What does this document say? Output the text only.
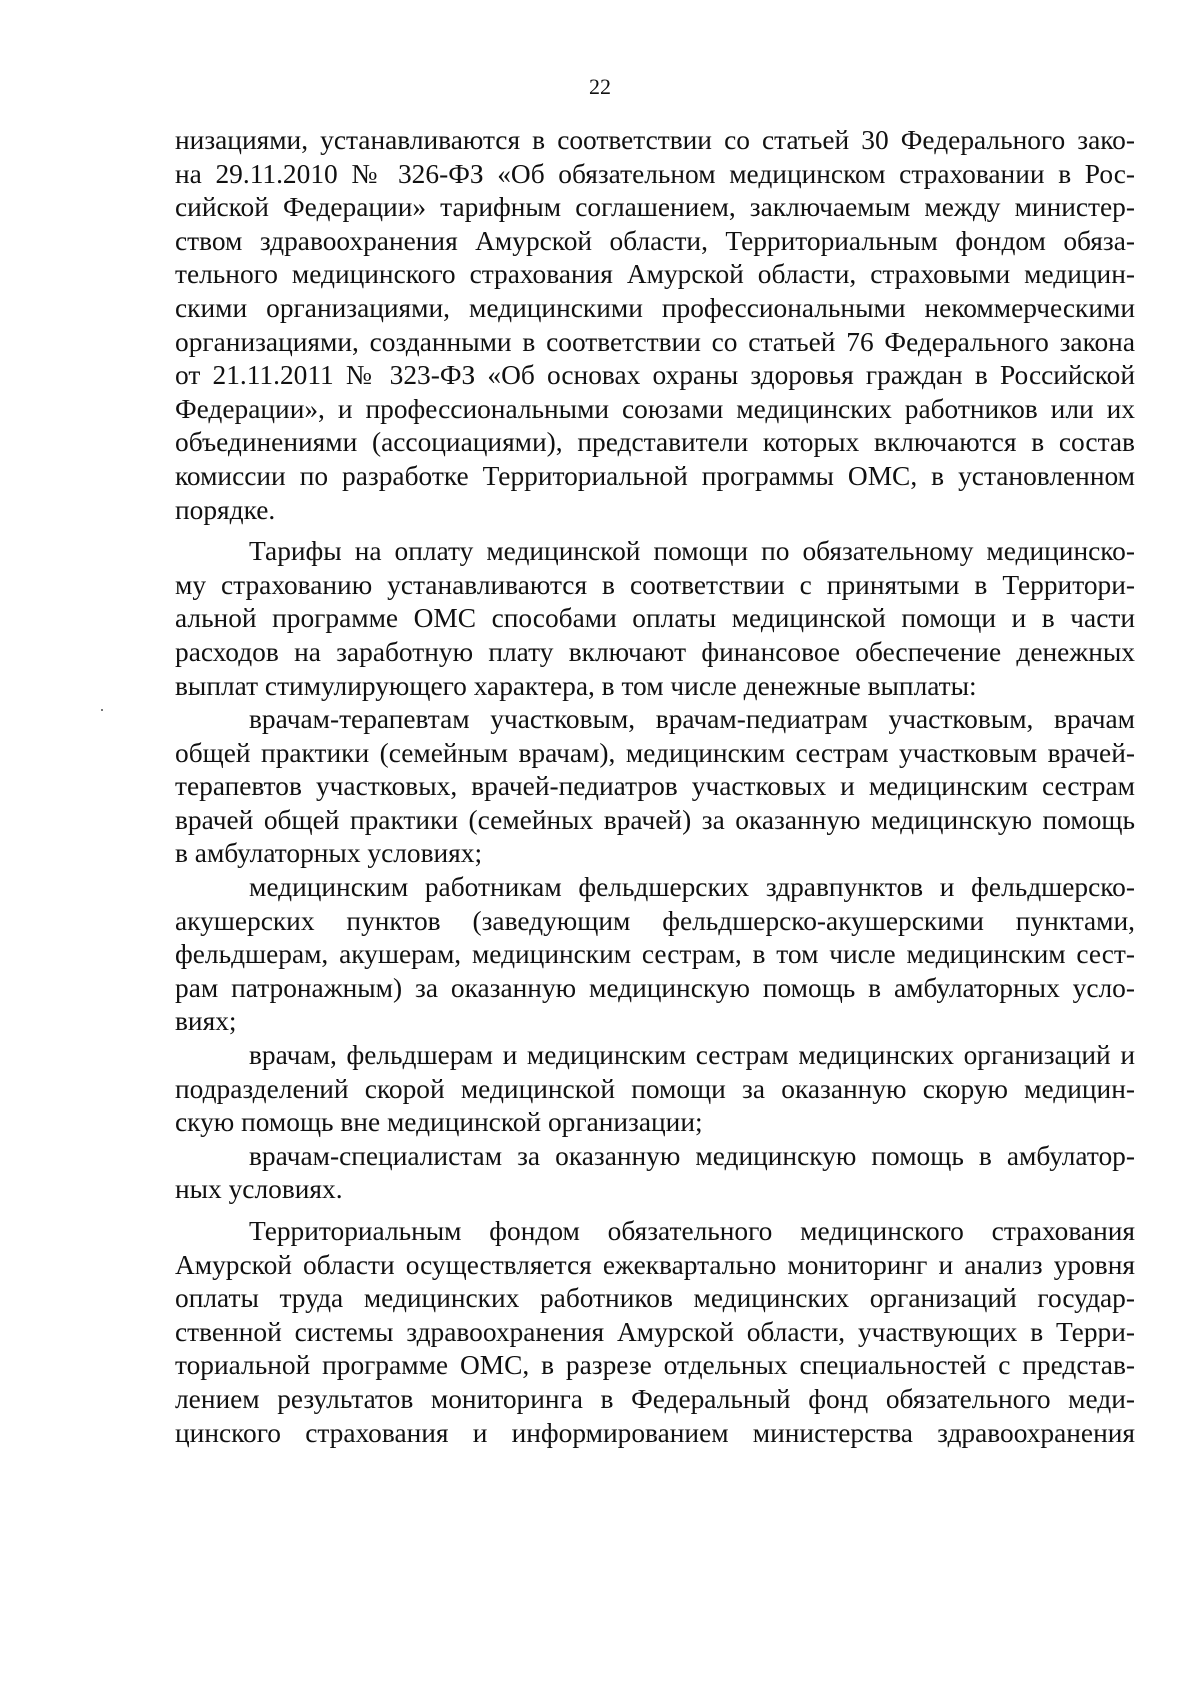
22
низациями, устанавливаются в соответствии со статьей 30 Федерального зако-
на 29.11.2010 № 326-ФЗ «Об обязательном медицинском страховании в Рос-
сийской Федерации» тарифным соглашением, заключаемым между министер-
ством здравоохранения Амурской области, Территориальным фондом обяза-
тельного медицинского страхования Амурской области, страховыми медицин-
скими организациями, медицинскими профессиональными некоммерческими
организациями, созданными в соответствии со статьей 76 Федерального закона
от 21.11.2011 № 323-ФЗ «Об основах охраны здоровья граждан в Российской
Федерации», и профессиональными союзами медицинских работников или их
объединениями (ассоциациями), представители которых включаются в состав
комиссии по разработке Территориальной программы ОМС, в установленном
порядке.
Тарифы на оплату медицинской помощи по обязательному медицинско-
му страхованию устанавливаются в соответствии с принятыми в Территори-
альной программе ОМС способами оплаты медицинской помощи и в части
расходов на заработную плату включают финансовое обеспечение денежных
выплат стимулирующего характера, в том числе денежные выплаты:
врачам-терапевтам участковым, врачам-педиатрам участковым, врачам
общей практики (семейным врачам), медицинским сестрам участковым врачей-
терапевтов участковых, врачей-педиатров участковых и медицинским сестрам
врачей общей практики (семейных врачей) за оказанную медицинскую помощь
в амбулаторных условиях;
медицинским работникам фельдшерских здравпунктов и фельдшерско-
акушерских пунктов (заведующим фельдшерско-акушерскими пунктами,
фельдшерам, акушерам, медицинским сестрам, в том числе медицинским сест-
рам патронажным) за оказанную медицинскую помощь в амбулаторных усло-
виях;
врачам, фельдшерам и медицинским сестрам медицинских организаций и
подразделений скорой медицинской помощи за оказанную скорую медицин-
скую помощь вне медицинской организации;
врачам-специалистам за оказанную медицинскую помощь в амбулатор-
ных условиях.
Территориальным фондом обязательного медицинского страхования
Амурской области осуществляется ежеквартально мониторинг и анализ уровня
оплаты труда медицинских работников медицинских организаций государ-
ственной системы здравоохранения Амурской области, участвующих в Терри-
ториальной программе ОМС, в разрезе отдельных специальностей с представ-
лением результатов мониторинга в Федеральный фонд обязательного меди-
цинского страхования и информированием министерства здравоохранения
